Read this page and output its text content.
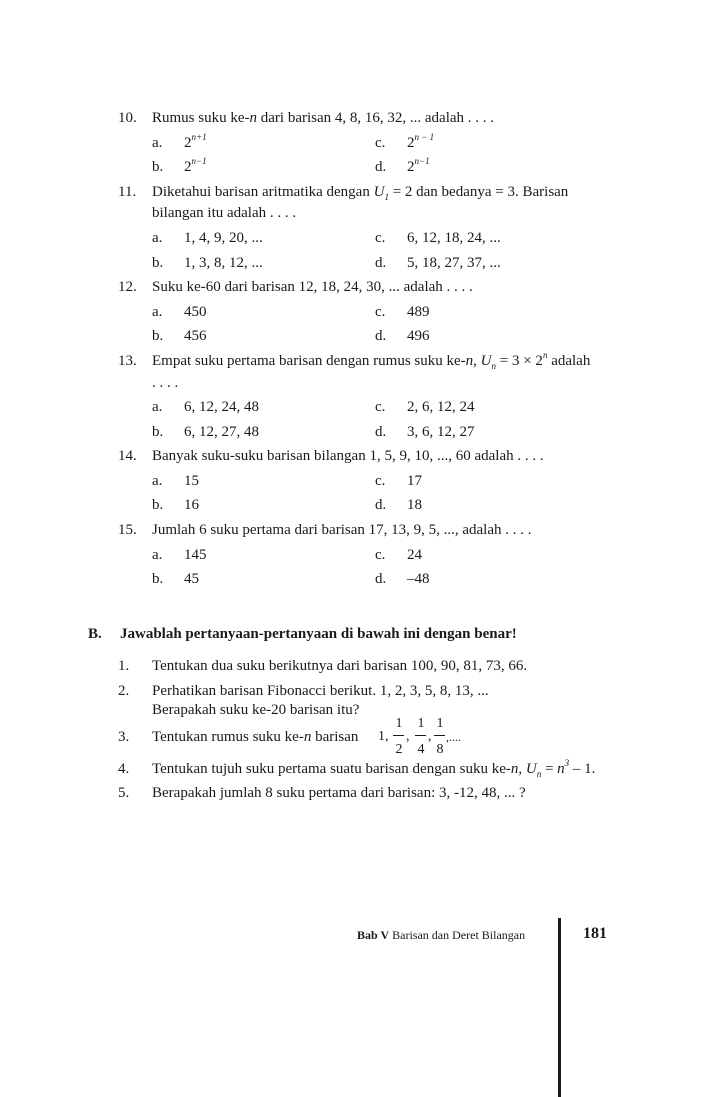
10. Rumus suku ke-n dari barisan 4, 8, 16, 32, ... adalah . . . .
a. $2^{n+1}$	c. $2^{n - 1}$
b. $2^{n-1}$	d. $2^{n-1}$
11. Diketahui barisan aritmatika dengan $U_1 = 2$ dan bedanya = 3. Barisan
bilangan itu adalah . . . .
a. 1, 4, 9, 20, ...	c. 6, 12, 18, 24, ...
b. 1, 3, 8, 12, ...	d. 5, 18, 27, 37, ...
12. Suku ke-60 dari barisan 12, 18, 24, 30, ... adalah . . . .
a. 450	c. 489
b. 456	d. 496
13. Empat suku pertama barisan dengan rumus suku ke-n, $U_n = 3 \times 2^n$ adalah
. . . .
a. 6, 12, 24, 48	c. 2, 6, 12, 24
b. 6, 12, 27, 48	d. 3, 6, 12, 27
14. Banyak suku-suku barisan bilangan 1, 5, 9, 10, ..., 60 adalah . . . .
a. 15	c. 17
b. 16	d. 18
15. Jumlah 6 suku pertama dari barisan 17, 13, 9, 5, ..., adalah . . . .
a. 145	c. 24
b. 45	d. –48
B. Jawablah pertanyaan-pertanyaan di bawah ini dengan benar!
1. Tentukan dua suku berikutnya dari barisan 100, 90, 81, 73, 66.
2. Perhatikan barisan Fibonacci berikut. 1, 2, 3, 5, 8, 13, ...
Berapakah suku ke-20 barisan itu?
3. Tentukan rumus suku ke-n barisan 1,
1
2
,
1
4
,
1
8
,....
4. Tentukan tujuh suku pertama suatu barisan dengan suku ke-n, $U_n = n^3 - 1$.
5. Berapakah jumlah 8 suku pertama dari barisan: 3, -12, 48, ... ?
Bab V Barisan dan Deret Bilangan	181
